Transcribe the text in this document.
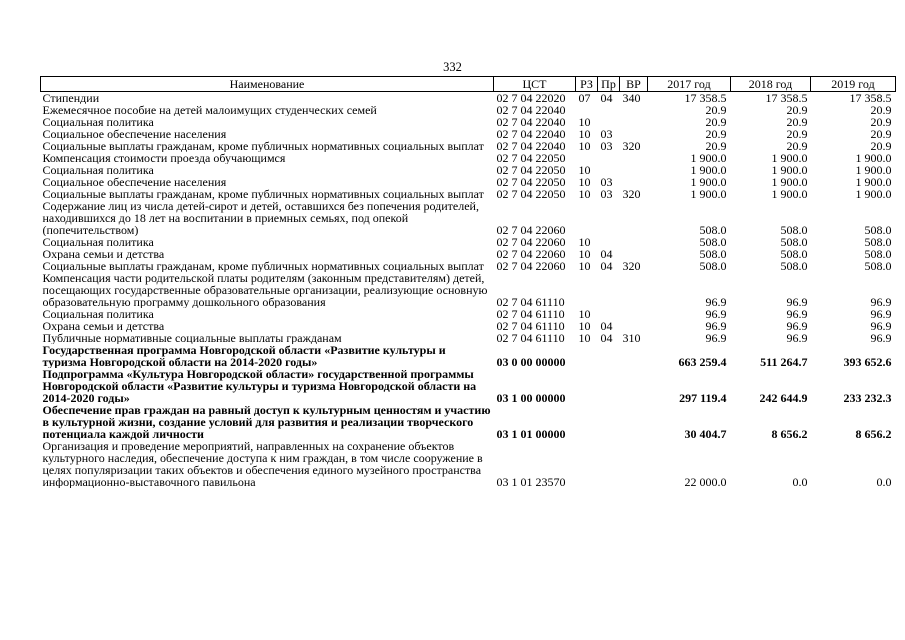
332
Наименование	ЦСТ	РЗ	Пр	ВР	2017 год	2018 год	2019 год
Стипендии	02 7 04 22020	07	04	340	17 358.5	17 358.5	17 358.5
Ежемесячное пособие на детей малоимущих студенческих семей	02 7 04 22040				20.9	20.9	20.9
Социальная политика	02 7 04 22040	10			20.9	20.9	20.9
Социальное обеспечение населения	02 7 04 22040	10	03		20.9	20.9	20.9
Социальные выплаты гражданам, кроме публичных нормативных социальных выплат	02 7 04 22040	10	03	320	20.9	20.9	20.9
Компенсация стоимости проезда обучающимся	02 7 04 22050				1 900.0	1 900.0	1 900.0
Социальная политика	02 7 04 22050	10			1 900.0	1 900.0	1 900.0
Социальное обеспечение населения	02 7 04 22050	10	03		1 900.0	1 900.0	1 900.0
Социальные выплаты гражданам, кроме публичных нормативных социальных выплат	02 7 04 22050	10	03	320	1 900.0	1 900.0	1 900.0
Содержание лиц из числа детей-сирот и детей, оставшихся без попечения родителей, находившихся до 18 лет на воспитании в приемных семьях, под опекой (попечительством)	02 7 04 22060				508.0	508.0	508.0
Социальная политика	02 7 04 22060	10			508.0	508.0	508.0
Охрана семьи и детства	02 7 04 22060	10	04		508.0	508.0	508.0
Социальные выплаты гражданам, кроме публичных нормативных социальных выплат	02 7 04 22060	10	04	320	508.0	508.0	508.0
Компенсация части родительской платы родителям (законным представителям) детей, посещающих государственные образовательные организации, реализующие основную образовательную программу дошкольного образования	02 7 04 61110				96.9	96.9	96.9
Социальная политика	02 7 04 61110	10			96.9	96.9	96.9
Охрана семьи и детства	02 7 04 61110	10	04		96.9	96.9	96.9
Публичные нормативные социальные выплаты гражданам	02 7 04 61110	10	04	310	96.9	96.9	96.9
Государственная программа Новгородской области «Развитие культуры и туризма Новгородской области на 2014-2020 годы»	03 0 00 00000				663 259.4	511 264.7	393 652.6
Подпрограмма «Культура Новгородской области» государственной программы Новгородской области «Развитие культуры и туризма Новгородской области на 2014-2020 годы»	03 1 00 00000				297 119.4	242 644.9	233 232.3
Обеспечение прав граждан на равный доступ к культурным ценностям и участию в культурной жизни, создание условий для развития и реализации творческого потенциала каждой личности	03 1 01 00000				30 404.7	8 656.2	8 656.2
Организация и проведение мероприятий, направленных на сохранение объектов культурного наследия, обеспечение доступа к ним граждан, в том числе сооружение в целях популяризации таких объектов и обеспечения единого музейного пространства информационно-выставочного павильона	03 1 01 23570				22 000.0	0.0	0.0
